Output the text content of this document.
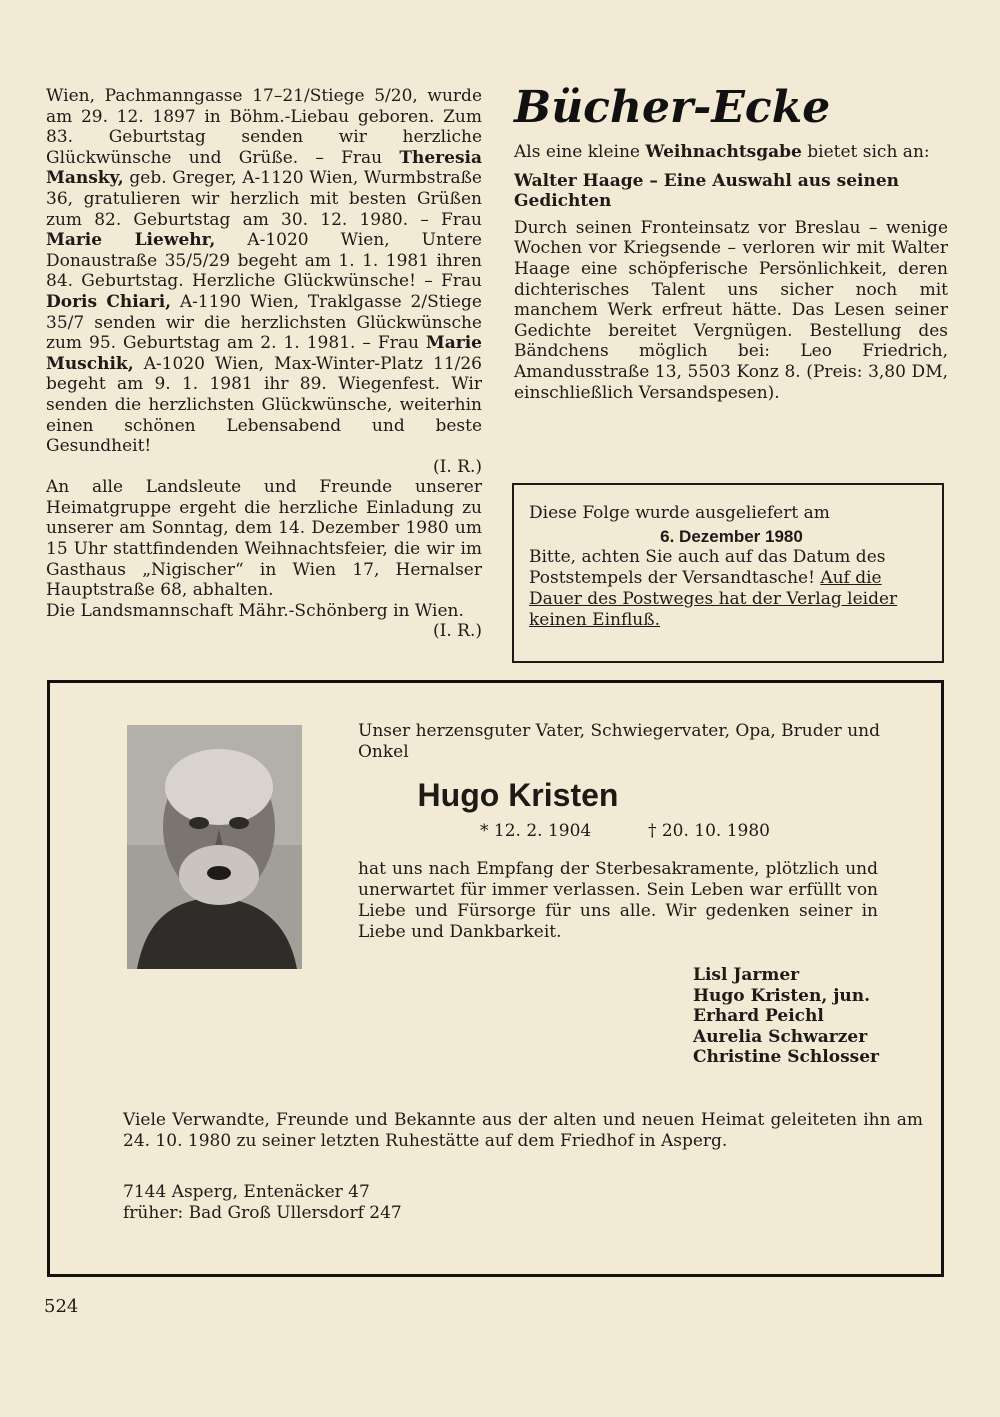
Wien, Pachmanngasse 17–21/Stiege 5/20, wurde am 29. 12. 1897 in Böhm.-Liebau geboren. Zum 83. Geburtstag senden wir herzliche Glückwünsche und Grüße. – Frau Theresia Mansky, geb. Greger, A-1120 Wien, Wurmbstraße 36, gratulieren wir herzlich mit besten Grüßen zum 82. Geburtstag am 30. 12. 1980. – Frau Marie Liewehr, A-1020 Wien, Untere Donaustraße 35/5/29 begeht am 1. 1. 1981 ihren 84. Geburtstag. Herzliche Glückwünsche! – Frau Doris Chiari, A-1190 Wien, Traklgasse 2/Stiege 35/7 senden wir die herzlichsten Glückwünsche zum 95. Geburtstag am 2. 1. 1981. – Frau Marie Muschik, A-1020 Wien, Max-Winter-Platz 11/26 begeht am 9. 1. 1981 ihr 89. Wiegenfest. Wir senden die herzlichsten Glückwünsche, weiterhin einen schönen Lebensabend und beste Gesundheit!
(I. R.)

An alle Landsleute und Freunde unserer Heimatgruppe ergeht die herzliche Einladung zu unserer am Sonntag, dem 14. Dezember 1980 um 15 Uhr stattfindenden Weihnachtsfeier, die wir im Gasthaus „Nigischer“ in Wien 17, Hernalser Hauptstraße 68, abhalten.

Die Landsmannschaft Mähr.-Schönberg in Wien.
(I. R.)

Bücher-Ecke

Als eine kleine Weihnachtsgabe bietet sich an:

Walter Haage – Eine Auswahl aus seinen Gedichten

Durch seinen Fronteinsatz vor Breslau – wenige Wochen vor Kriegsende – verloren wir mit Walter Haage eine schöpferische Persönlichkeit, deren dichterisches Talent uns sicher noch mit manchem Werk erfreut hätte. Das Lesen seiner Gedichte bereitet Vergnügen. Bestellung des Bändchens möglich bei: Leo Friedrich, Amandusstraße 13, 5503 Konz 8. (Preis: 3,80 DM, einschließlich Versandspesen).

Diese Folge wurde ausgeliefert am

6. Dezember 1980

Bitte, achten Sie auch auf das Datum des Poststempels der Versandtasche! Auf die Dauer des Postweges hat der Verlag leider keinen Einfluß.

Unser herzensguter Vater, Schwiegervater, Opa, Bruder und Onkel
Hugo Kristen
* 12. 2. 1904	† 20. 10. 1980
hat uns nach Empfang der Sterbesakramente, plötzlich und unerwartet für immer verlassen. Sein Leben war erfüllt von Liebe und Fürsorge für uns alle. Wir gedenken seiner in Liebe und Dankbarkeit.
Lisl Jarmer
Hugo Kristen, jun.
Erhard Peichl
Aurelia Schwarzer
Christine Schlosser
Viele Verwandte, Freunde und Bekannte aus der alten und neuen Heimat geleiteten ihn am 24. 10. 1980 zu seiner letzten Ruhestätte auf dem Friedhof in Asperg.
7144 Asperg, Entenäcker 47
früher: Bad Groß Ullersdorf 247
524
